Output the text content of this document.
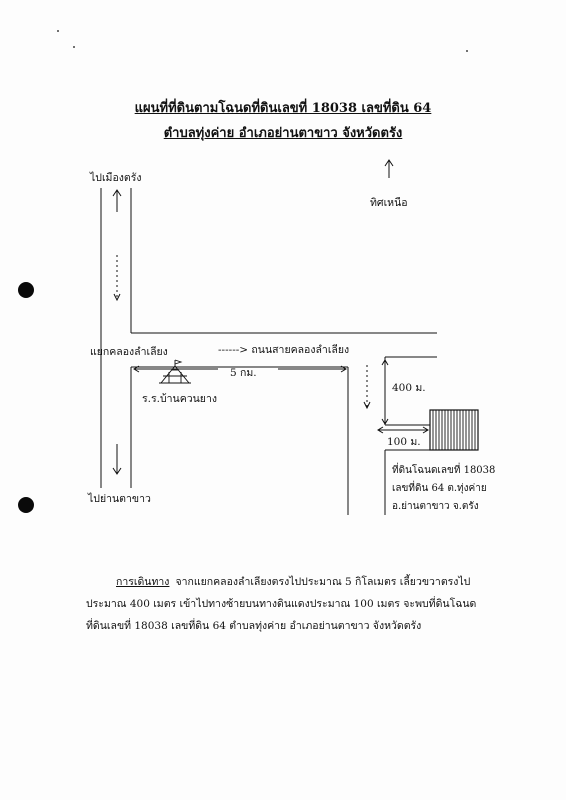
แผนที่ที่ดินตามโฉนดที่ดินเลขที่ 18038 เลขที่ดิน 64
ตำบลทุ่งค่าย อำเภอย่านตาขาว จังหวัดตรัง

ไปเมืองตรัง

ทิศเหนือ

แยกคลองลำเลียง	------> ถนนสายคลองลำเลียง

5 กม.

ร.ร.บ้านควนยาง

400 ม.

100 ม.

ที่ดินโฉนดเลขที่ 18038

เลขที่ดิน 64 ต.ทุ่งค่าย

อ.ย่านตาขาว จ.ตรัง

ไปย่านตาขาว

การเดินทาง จากแยกคลองลำเลียงตรงไปประมาณ 5 กิโลเมตร เลี้ยวขวาตรงไป

ประมาณ 400 เมตร เข้าไปทางซ้ายบนทางดินแดงประมาณ 100 เมตร จะพบที่ดินโฉนด

ที่ดินเลขที่ 18038 เลขที่ดิน 64 ตำบลทุ่งค่าย อำเภอย่านตาขาว จังหวัดตรัง
